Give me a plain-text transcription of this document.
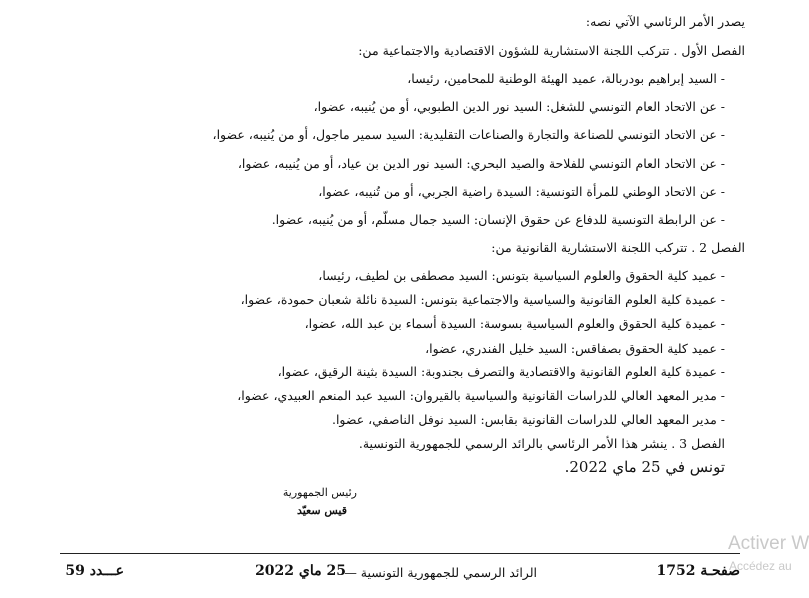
يصدر الأمر الرئاسي الآتي نصه:
الفصل الأول . تتركب اللجنة الاستشارية للشؤون الاقتصادية والاجتماعية من:
- السيد إبراهيم بودربالة، عميد الهيئة الوطنية للمحامين، رئيسا،
- عن الاتحاد العام التونسي للشغل: السيد نور الدين الطبوبي، أو من يُنيبه، عضوا،
- عن الاتحاد التونسي للصناعة والتجارة والصناعات التقليدية: السيد سمير ماجول، أو من يُنيبه، عضوا،
- عن الاتحاد العام التونسي للفلاحة والصيد البحري: السيد نور الدين بن عياد، أو من يُنيبه، عضوا،
- عن الاتحاد الوطني للمرأة التونسية: السيدة راضية الجربي، أو من تُنيبه، عضوا،
- عن الرابطة التونسية للدفاع عن حقوق الإنسان: السيد جمال مسلّم، أو من يُنيبه، عضوا.
الفصل 2 . تتركب اللجنة الاستشارية القانونية من:
- عميد كلية الحقوق والعلوم السياسية بتونس: السيد مصطفى بن لطيف، رئيسا،
- عميدة كلية العلوم القانونية والسياسية والاجتماعية بتونس: السيدة نائلة شعبان حمودة، عضوا،
- عميدة كلية الحقوق والعلوم السياسية بسوسة: السيدة أسماء بن عبد الله، عضوا،
- عميد كلية الحقوق بصفاقس: السيد خليل الفندري، عضوا،
- عميدة كلية العلوم القانونية والاقتصادية والتصرف بجندوبة: السيدة بثينة الرقيق، عضوا،
- مدير المعهد العالي للدراسات القانونية والسياسية بالقيروان: السيد عبد المنعم العبيدي، عضوا،
- مدير المعهد العالي للدراسات القانونية بقابس: السيد نوفل الناصفي، عضوا.
الفصل 3 . ينشر هذا الأمر الرئاسي بالرائد الرسمي للجمهورية التونسية.
تونس في 25 ماي 2022.
رئيس الجمهورية
قيس سعيّد
صفحـة 1752
الرائد الرسمي للجمهورية التونسية —
25 ماي 2022
عـــدد 59
Activer W
Accédez au
